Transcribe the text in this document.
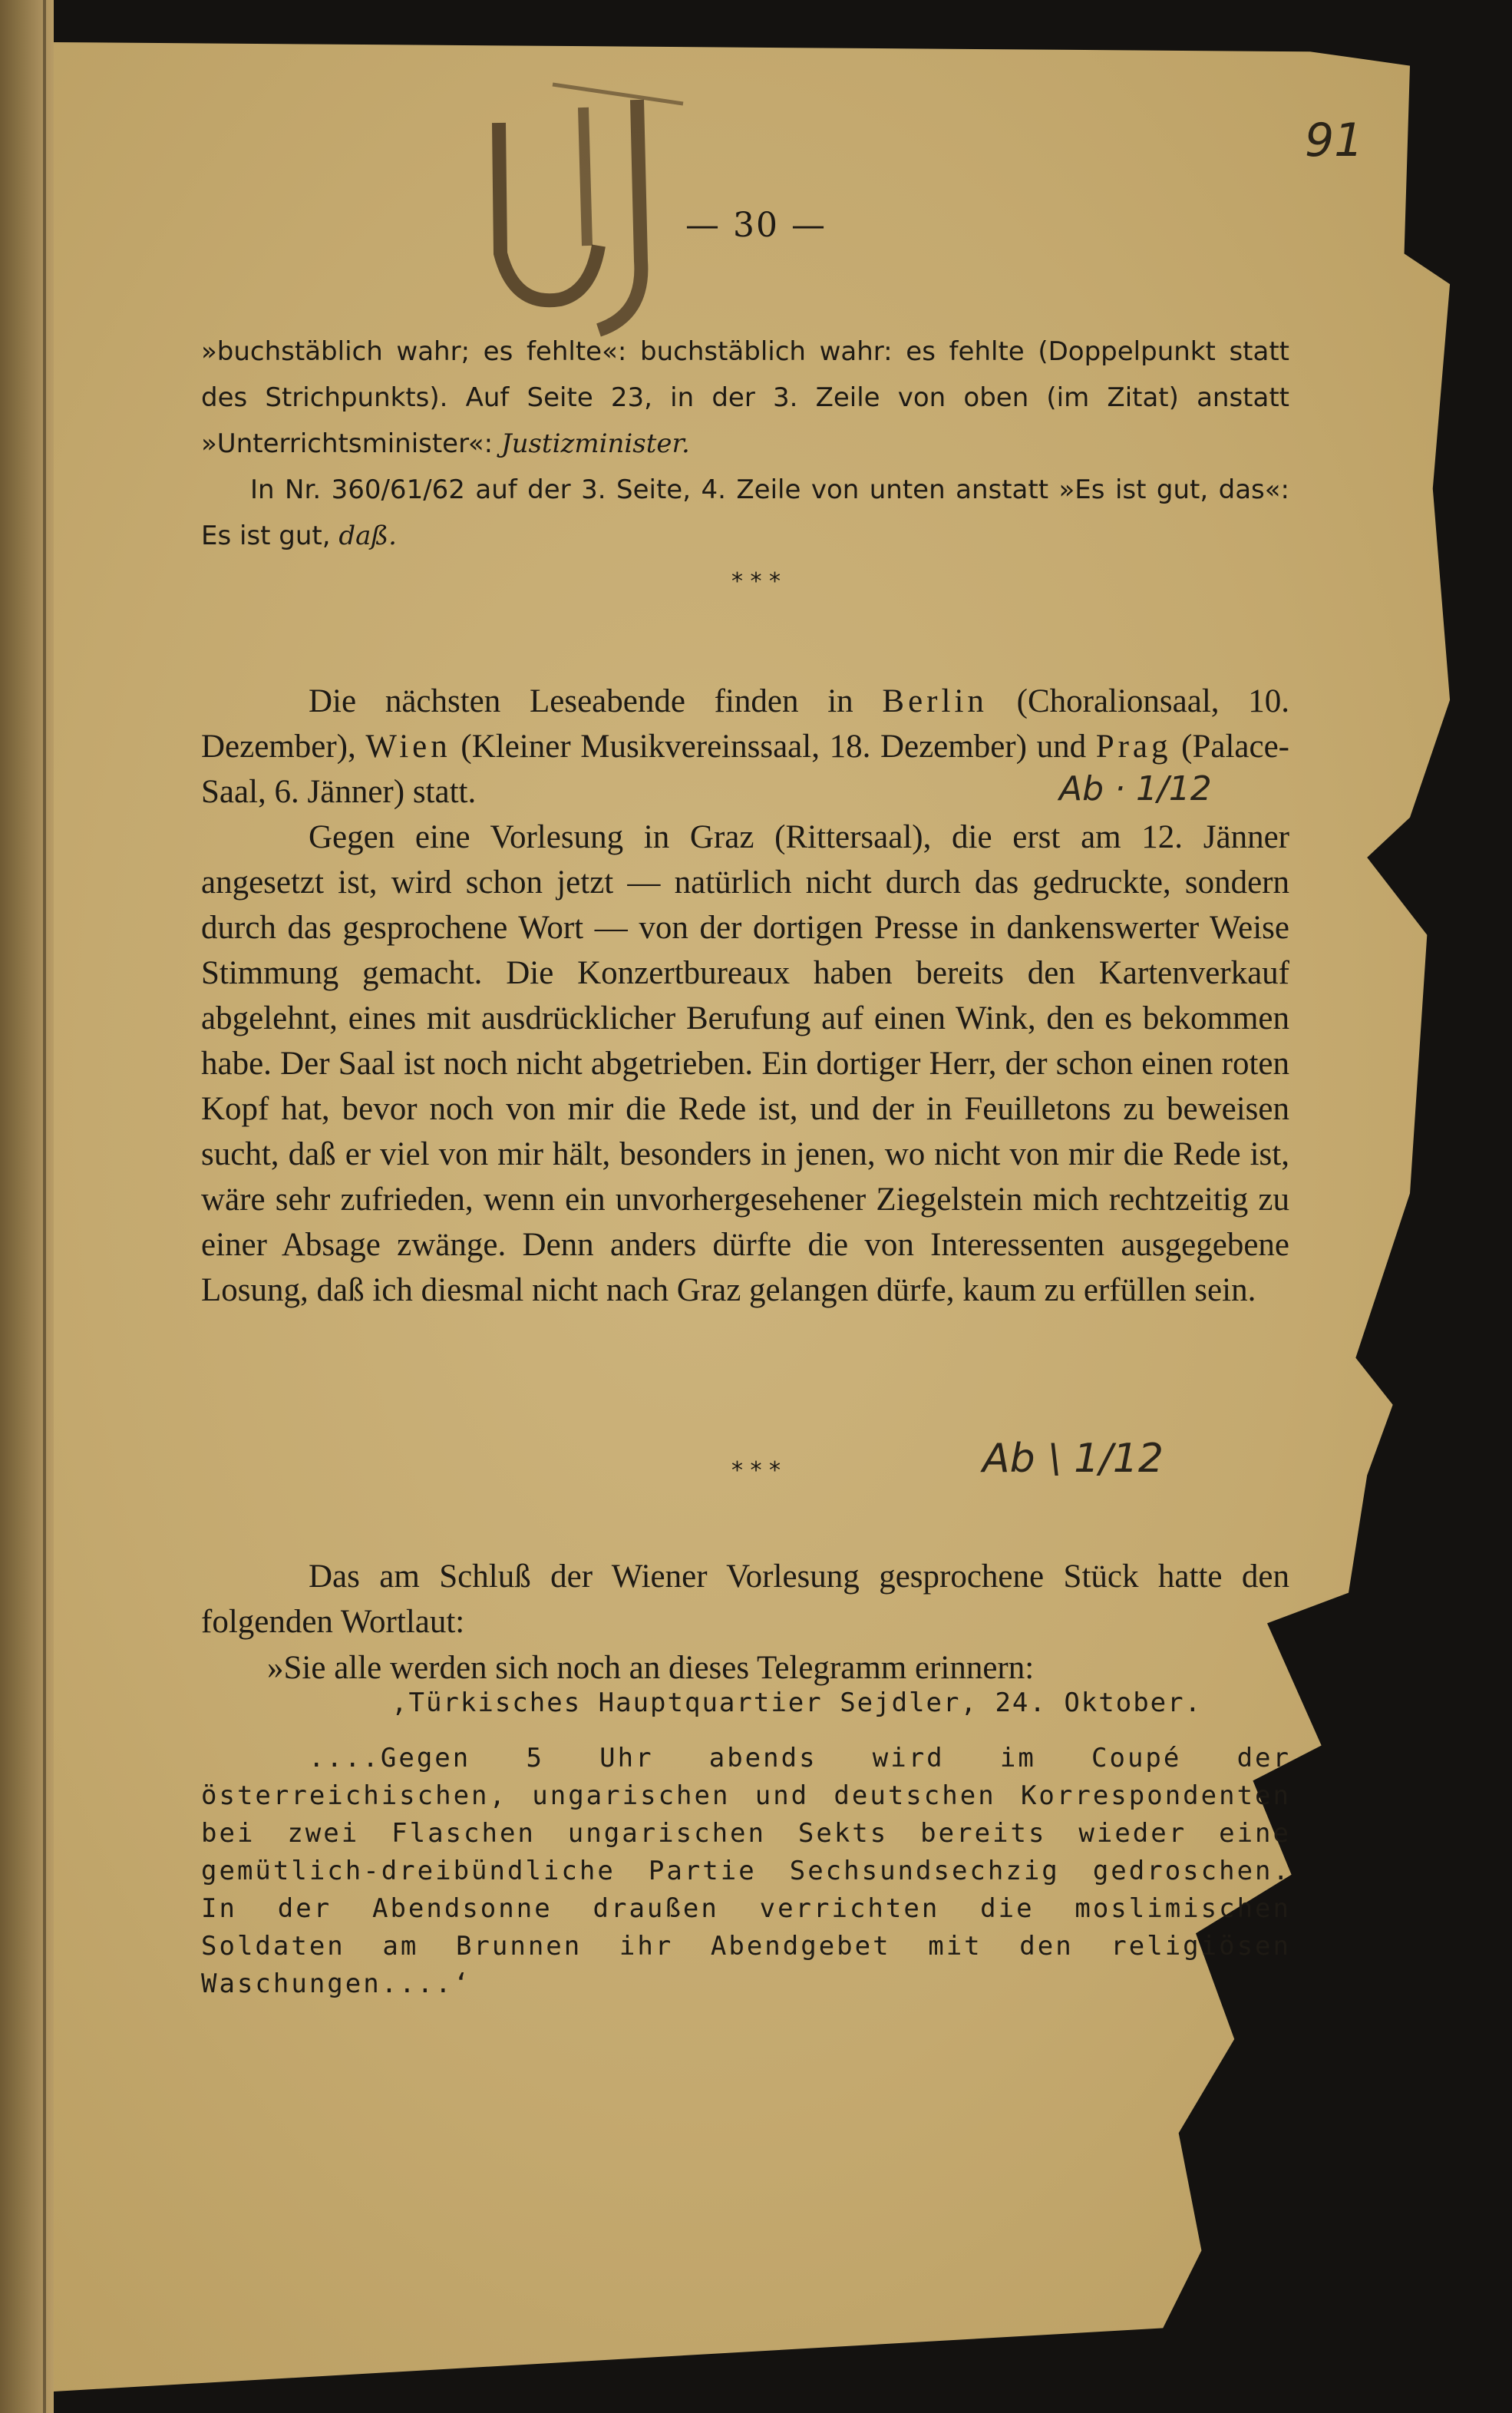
91
— 30 —

»buchstäblich wahr; es fehlte«: buchstäblich wahr: es fehlte (Doppelpunkt statt des Strichpunkts). Auf Seite 23, in der 3. Zeile von oben (im Zitat) anstatt »Unterrichtsminister«: Justizminister.

In Nr. 360/61/62 auf der 3. Seite, 4. Zeile von unten anstatt »Es ist gut, das«: Es ist gut, daß.

* * *

Die nächsten Leseabende finden in Berlin (Choralionsaal, 10. Dezember), Wien (Kleiner Musikvereinssaal, 18. Dezember) und Prag (Palace-Saal, 6. Jänner) statt.

Gegen eine Vorlesung in Graz (Rittersaal), die erst am 12. Jänner angesetzt ist, wird schon jetzt — natürlich nicht durch das gedruckte, sondern durch das gesprochene Wort — von der dortigen Presse in dankenswerter Weise Stimmung gemacht. Die Konzertbureaux haben bereits den Kartenverkauf abgelehnt, eines mit ausdrücklicher Berufung auf einen Wink, den es bekommen habe. Der Saal ist noch nicht abgetrieben. Ein dortiger Herr, der schon einen roten Kopf hat, bevor noch von mir die Rede ist, und der in Feuilletons zu beweisen sucht, daß er viel von mir hält, besonders in jenen, wo nicht von mir die Rede ist, wäre sehr zufrieden, wenn ein unvorhergesehener Ziegelstein mich rechtzeitig zu einer Absage zwänge. Denn anders dürfte die von Interessenten ausgegebene Losung, daß ich diesmal nicht nach Graz gelangen dürfe, kaum zu erfüllen sein.

Ab · 1/12
* * *	Ab \ 1/12

Das am Schluß der Wiener Vorlesung gesprochene Stück hatte den folgenden Wortlaut:

»Sie alle werden sich noch an dieses Telegramm erinnern:

‚Türkisches Hauptquartier Sejdler, 24. Oktober.

....Gegen 5 Uhr abends wird im Coupé der österreichischen, ungarischen und deutschen Korrespondenten bei zwei Flaschen ungarischen Sekts bereits wieder eine gemütlich-dreibündliche Partie Sechsundsechzig gedroschen. In der Abendsonne draußen verrichten die moslimischen Soldaten am Brunnen ihr Abendgebet mit den religiösen Waschungen....‘
